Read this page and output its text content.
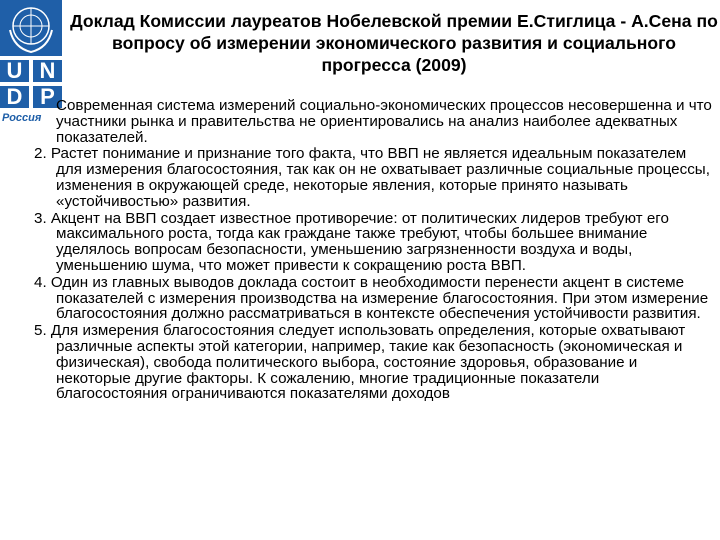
U N
D P
Россия
Доклад Комиссии лауреатов Нобелевской премии Е.Стиглица - А.Сена по вопросу об измерении экономического развития и социального прогресса (2009)

Современная система измерений социально-экономических процессов несовершенна и что участники рынка и правительства не ориентировались на анализ наиболее адекватных показателей.

2. Растет понимание и признание того факта, что ВВП не является идеальным показателем для измерения благосостояния, так как он не охватывает различные социальные процессы, изменения в окружающей среде, некоторые явления, которые принято называть «устойчивостью» развития.

3. Акцент на ВВП создает известное противоречие: от политических лидеров требуют его максимального роста, тогда как граждане также требуют, чтобы большее внимание уделялось вопросам безопасности, уменьшению загрязненности воздуха и воды, уменьшению шума, что может привести к сокращению роста ВВП.

4. Один из главных выводов доклада состоит в необходимости перенести акцент в системе показателей с измерения производства на измерение благосостояния. При этом измерение благосостояния должно рассматриваться в контексте обеспечения устойчивости развития.

5. Для измерения благосостояния следует использовать определения, которые охватывают различные аспекты этой категории, например, такие как безопасность (экономическая и физическая), свобода политического выбора, состояние здоровья, образование и некоторые другие факторы. К сожалению, многие традиционные показатели благосостояния ограничиваются показателями доходов
